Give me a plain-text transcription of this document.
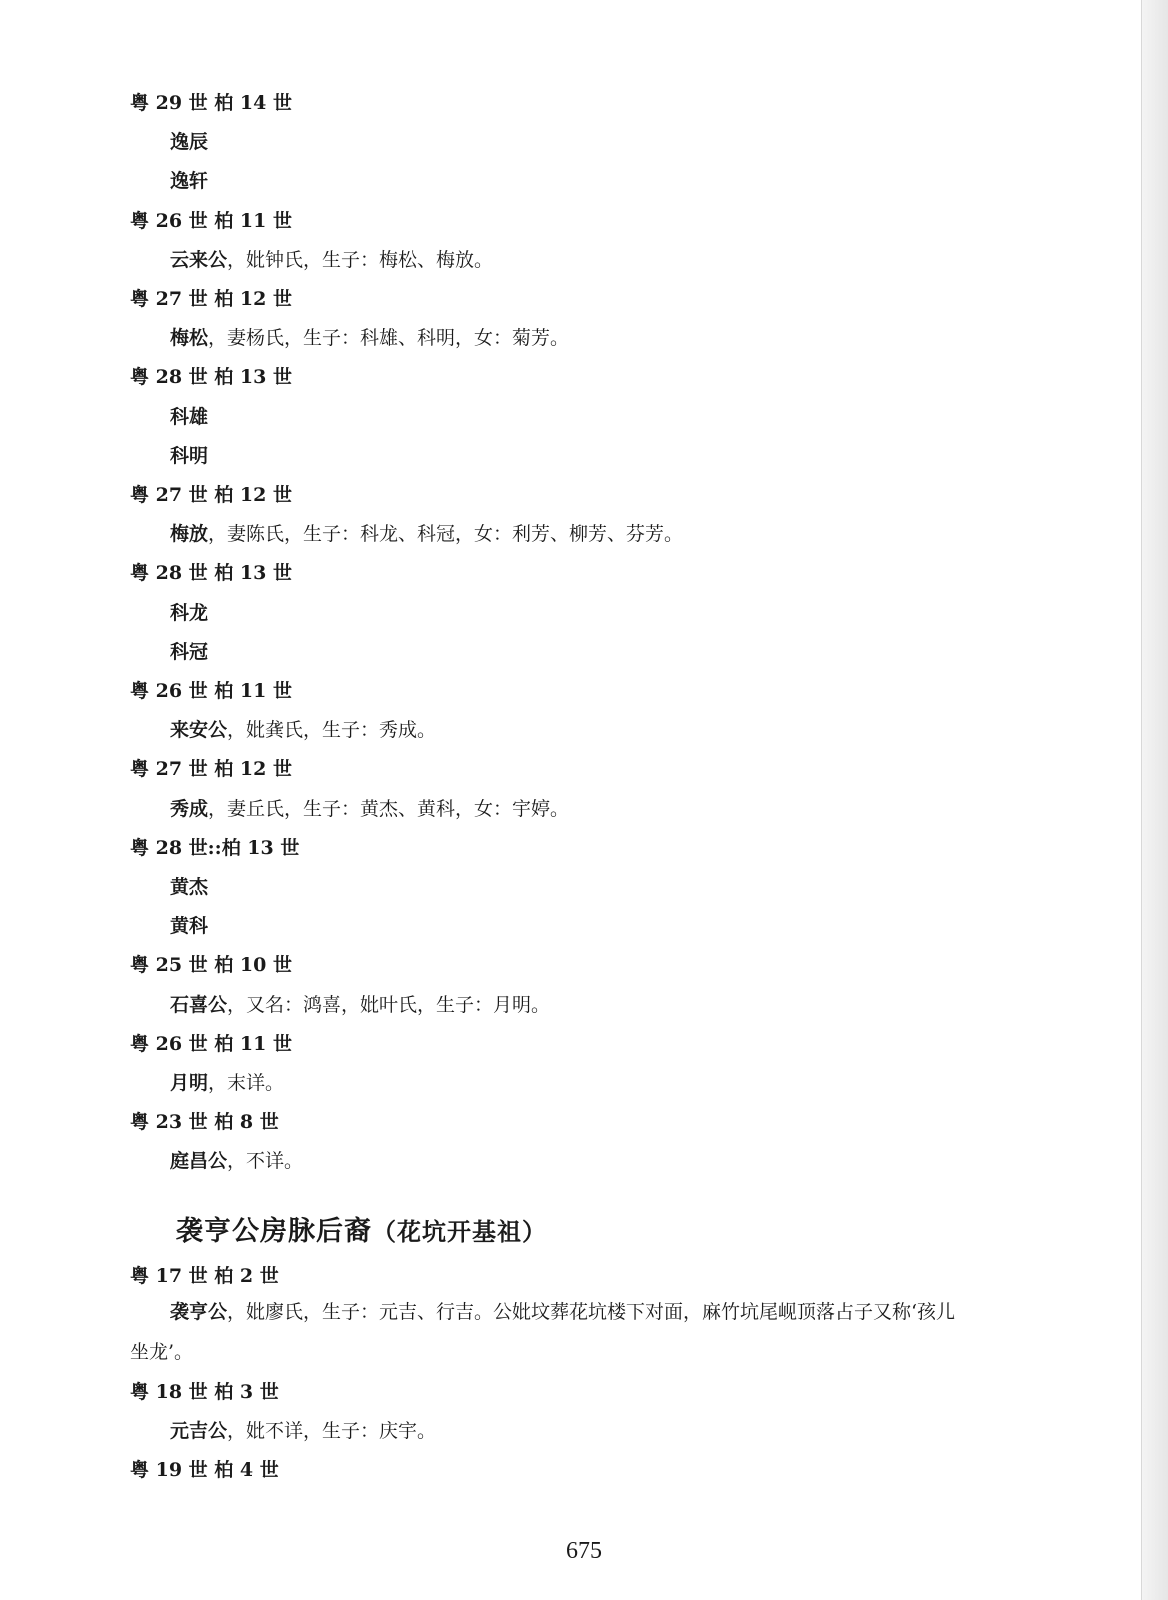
粤 29 世 柏 14 世
逸辰
逸轩
粤 26 世 柏 11 世
云来公，妣钟氏，生子：梅松、梅放。
粤 27 世 柏 12 世
梅松，妻杨氏，生子：科雄、科明，女：菊芳。
粤 28 世 柏 13 世
科雄
科明
粤 27 世 柏 12 世
梅放，妻陈氏，生子：科龙、科冠，女：利芳、柳芳、芬芳。
粤 28 世 柏 13 世
科龙
科冠
粤 26 世 柏 11 世
来安公，妣龚氏，生子：秀成。
粤 27 世 柏 12 世
秀成，妻丘氏，生子：黄杰、黄科，女：宇婷。
粤 28 世::柏 13 世
黄杰
黄科
粤 25 世 柏 10 世
石喜公，又名：鸿喜，妣叶氏，生子：月明。
粤 26 世 柏 11 世
月明，末详。
粤 23 世 柏 8 世
庭昌公，不详。
袭亨公房脉后裔（花坑开基祖）
粤 17 世 柏 2 世
袭亨公，妣廖氏，生子：元吉、行吉。公妣坟葬花坑楼下对面，麻竹坑尾岘顶落占子又称‘孩儿
坐龙’。
粤 18 世 柏 3 世
元吉公，妣不详，生子：庆宇。
粤 19 世 柏 4 世
675
